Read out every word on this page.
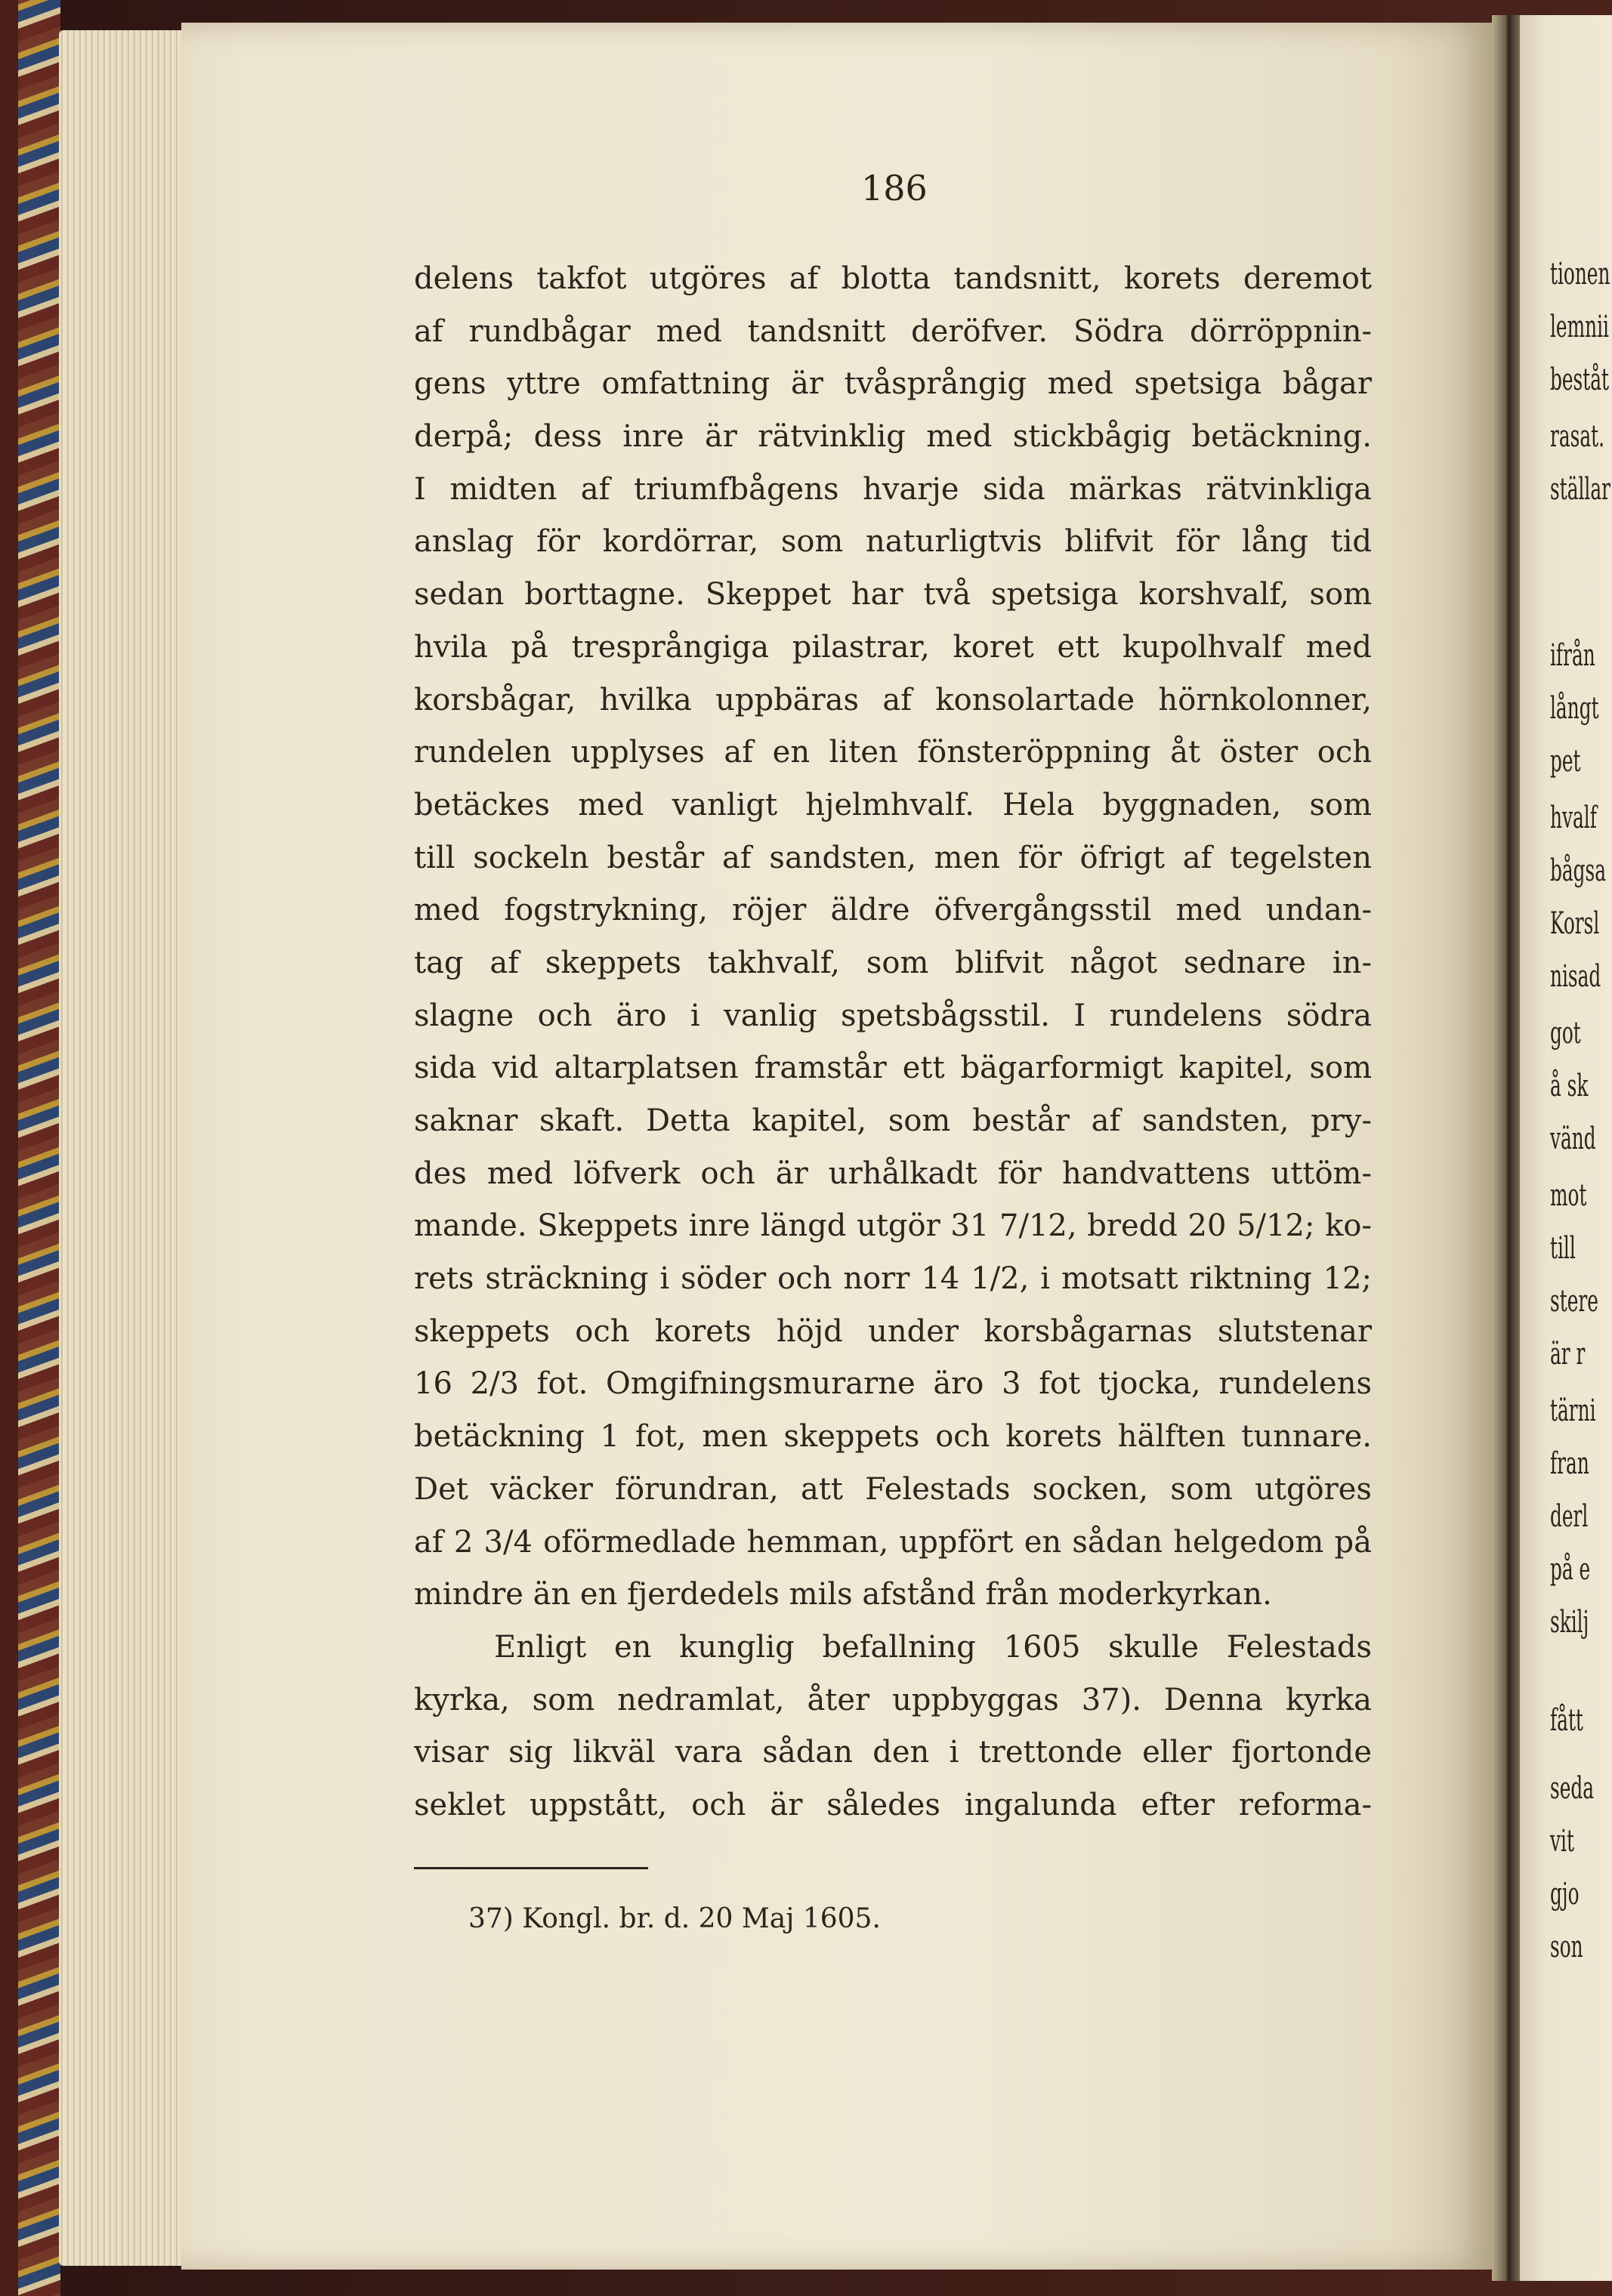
186
delens takfot utgöres af blotta tandsnitt, korets deremot
af rundbågar med tandsnitt deröfver. Södra dörröppnin-
gens yttre omfattning är tvåsprångig med spetsiga bågar
derpå; dess inre är rätvinklig med stickbågig betäckning.
I midten af triumfbågens hvarje sida märkas rätvinkliga
anslag för kordörrar, som naturligtvis blifvit för lång tid
sedan borttagne. Skeppet har två spetsiga korshvalf, som
hvila på tresprångiga pilastrar, koret ett kupolhvalf med
korsbågar, hvilka uppbäras af konsolartade hörnkolonner,
rundelen upplyses af en liten fönsteröppning åt öster och
betäckes med vanligt hjelmhvalf. Hela byggnaden, som
till sockeln består af sandsten, men för öfrigt af tegelsten
med fogstrykning, röjer äldre öfvergångsstil med undan-
tag af skeppets takhvalf, som blifvit något sednare in-
slagne och äro i vanlig spetsbågsstil. I rundelens södra
sida vid altarplatsen framstår ett bägarformigt kapitel, som
saknar skaft. Detta kapitel, som består af sandsten, pry-
des med löfverk och är urhålkadt för handvattens uttöm-
mande. Skeppets inre längd utgör 31 7/12, bredd 20 5/12; ko-
rets sträckning i söder och norr 14 1/2, i motsatt riktning 12;
skeppets och korets höjd under korsbågarnas slutstenar
16 2/3 fot. Omgifningsmurarne äro 3 fot tjocka, rundelens
betäckning 1 fot, men skeppets och korets hälften tunnare.
Det väcker förundran, att Felestads socken, som utgöres
af 2 3/4 oförmedlade hemman, uppfört en sådan helgedom på
mindre än en fjerdedels mils afstånd från moderkyrkan.
Enligt en kunglig befallning 1605 skulle Felestads
kyrka, som nedramlat, åter uppbyggas 37). Denna kyrka
visar sig likväl vara sådan den i trettonde eller fjortonde
seklet uppstått, och är således ingalunda efter reforma-
37) Kongl. br. d. 20 Maj 1605.
tionen
lemnii
beståt
rasat.
ställar
ifrån
långt
pet
hvalf
bågsa
Korsl
nisad
got
å sk
vänd
mot
till
stere
är r
tärni
fran
derl
på e
skilj
fått
seda
vit
gjo
son
